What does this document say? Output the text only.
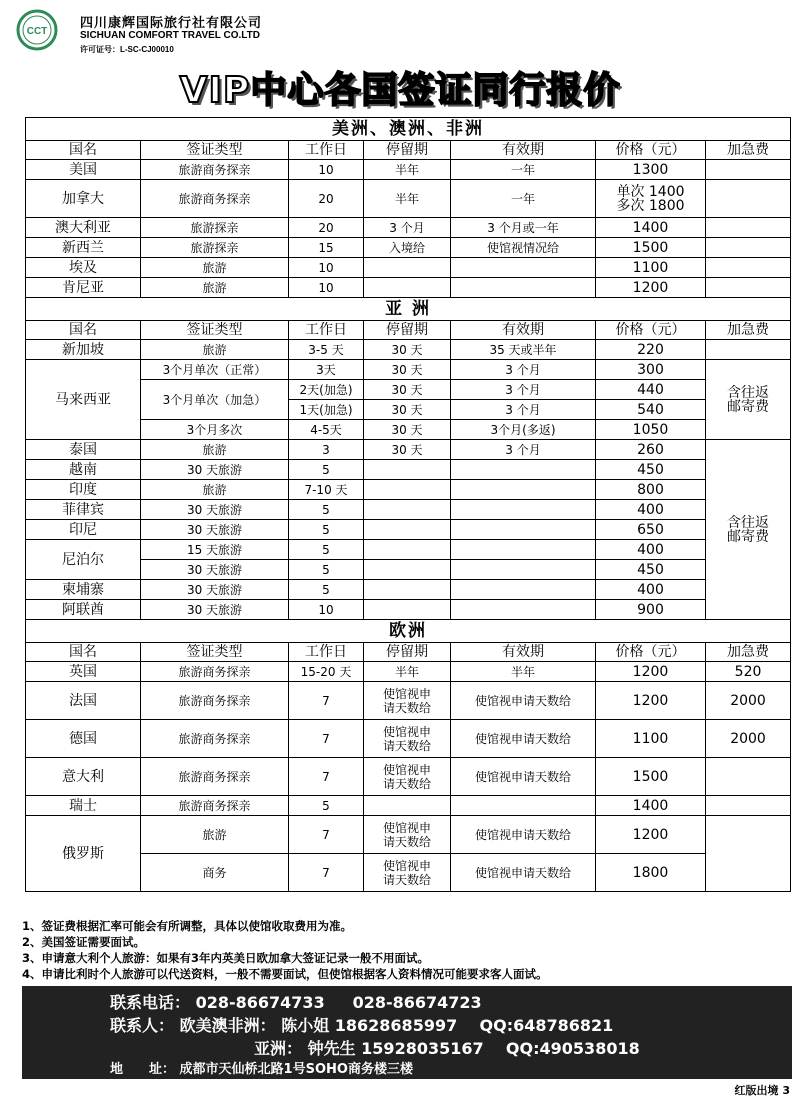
CCT
四川康辉国际旅行社有限公司
SICHUAN COMFORT TRAVEL CO.LTD
许可证号：L-SC-CJ00010
VIP中心各国签证同行报价
美洲、澳洲、非洲						
国名	签证类型	工作日	停留期	有效期	价格（元）	加急费
美国	旅游商务探亲	10	半年	一年	1300	
加拿大	旅游商务探亲	20	半年	一年	单次 1400
多次 1800	

澳大利亚	旅游探亲	20	3 个月	3 个月或一年	1400	
新西兰	旅游探亲	15	入境给	使馆视情况给	1500	
埃及	旅游	10			1100	
肯尼亚	旅游	10			1200	
亚 洲						
国名	签证类型	工作日	停留期	有效期	价格（元）	加急费
新加坡	旅游	3-5 天	30 天	35 天或半年	220	
马来西亚	3个月单次（正常）	3天	30 天	3 个月	300	含往返
邮寄费

	3个月单次（加急）	2天(加急)	30 天	3 个月	440	
		1天(加急)	30 天	3 个月	540	
	3个月多次	4-5天	30 天	3个月(多返)	1050	
泰国	旅游	3	30 天	3 个月	260	含往返
邮寄费

越南	30 天旅游	5			450	
印度	旅游	7-10 天			800	
菲律宾	30 天旅游	5			400	
印尼	30 天旅游	5			650	
尼泊尔	15 天旅游	5			400	
	30 天旅游	5			450	
柬埔寨	30 天旅游	5			400	
阿联酋	30 天旅游	10			900	
欧洲						
国名	签证类型	工作日	停留期	有效期	价格（元）	加急费
英国	旅游商务探亲	15-20 天	半年	半年	1200	520
法国	旅游商务探亲	7	使馆视申
请天数给	使馆视申请天数给	1200	2000
德国	旅游商务探亲	7	使馆视申
请天数给	使馆视申请天数给	1100	2000
意大利	旅游商务探亲	7	使馆视申
请天数给	使馆视申请天数给	1500	
瑞士	旅游商务探亲	5			1400	
俄罗斯	旅游	7	使馆视申
请天数给	使馆视申请天数给	1200	
	商务	7	使馆视申
请天数给	使馆视申请天数给	1800	
1、签证费根据汇率可能会有所调整，具体以使馆收取费用为准。
2、美国签证需要面试。
3、申请意大利个人旅游：如果有3年内英美日欧加拿大签证记录一般不用面试。
4、申请比利时个人旅游可以代送资料，一般不需要面试，但使馆根据客人资料情况可能要求客人面试。
联系电话： 028-86674733 028-86674723
联系人： 欧美澳非洲： 陈小姐 18628685997 QQ:648786821
亚洲： 钟先生 15928035167 QQ:490538018
地　　址： 成都市天仙桥北路1号SOHO商务楼三楼
红版出境 3
